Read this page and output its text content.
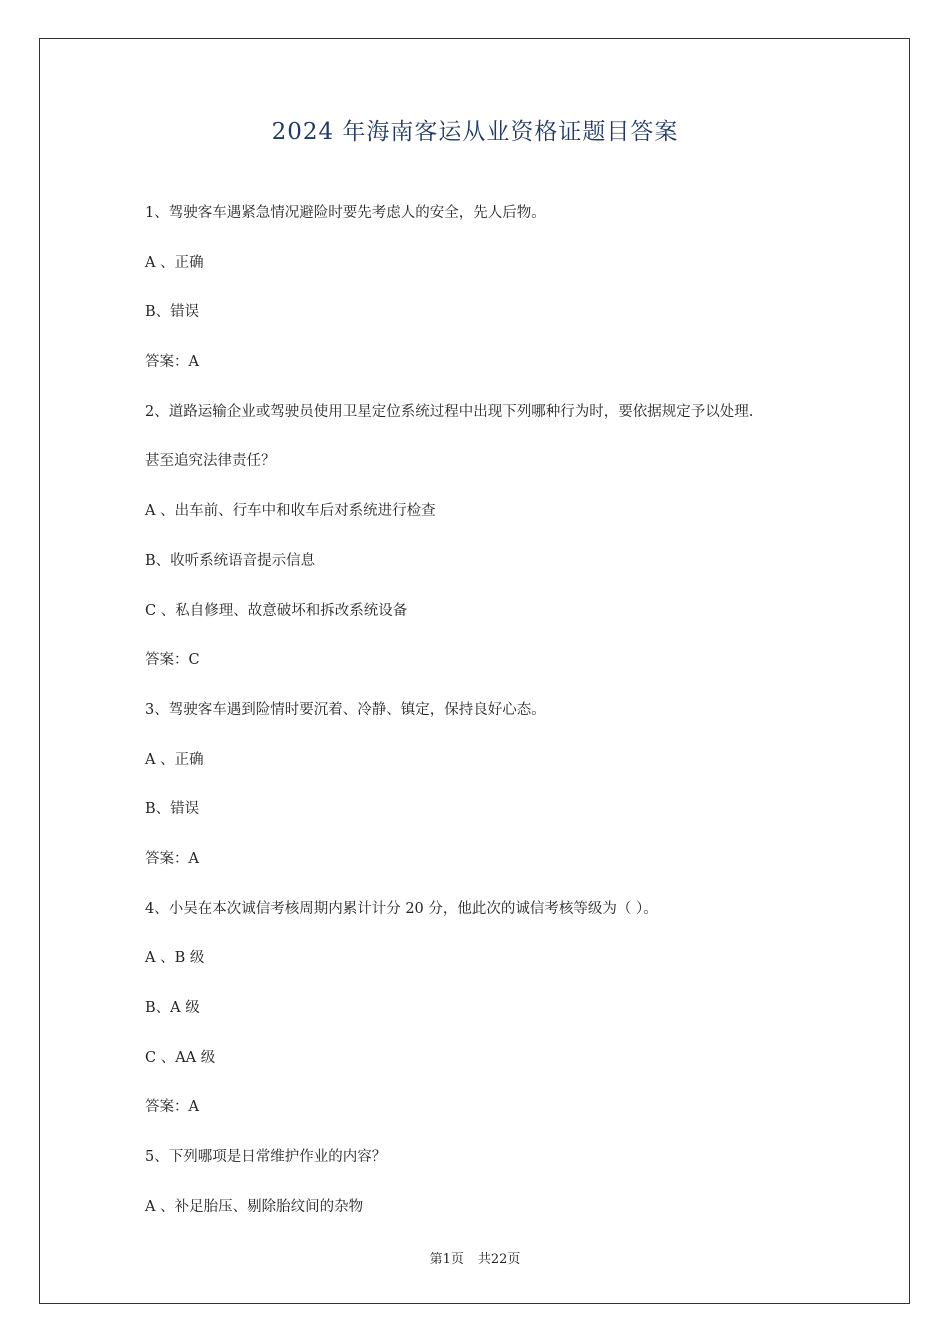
2024 年海南客运从业资格证题目答案
1、驾驶客车遇紧急情况避险时要先考虑人的安全，先人后物。
A 、正确
B、错误
答案：A
2、道路运输企业或驾驶员使用卫星定位系统过程中出现下列哪种行为时，要依据规定予以处理.
甚至追究法律责任？
A 、出车前、行车中和收车后对系统进行检查
B、收听系统语音提示信息
C 、私自修理、故意破坏和拆改系统设备
答案：C
3、驾驶客车遇到险情时要沉着、冷静、镇定，保持良好心态。
A 、正确
B、错误
答案：A
4、小吴在本次诚信考核周期内累计计分 20 分，他此次的诚信考核等级为（ ）。
A 、B 级
B、A 级
C 、AA 级
答案：A
5、下列哪项是日常维护作业的内容？
A 、补足胎压、剔除胎纹间的杂物
第1页 共22页
